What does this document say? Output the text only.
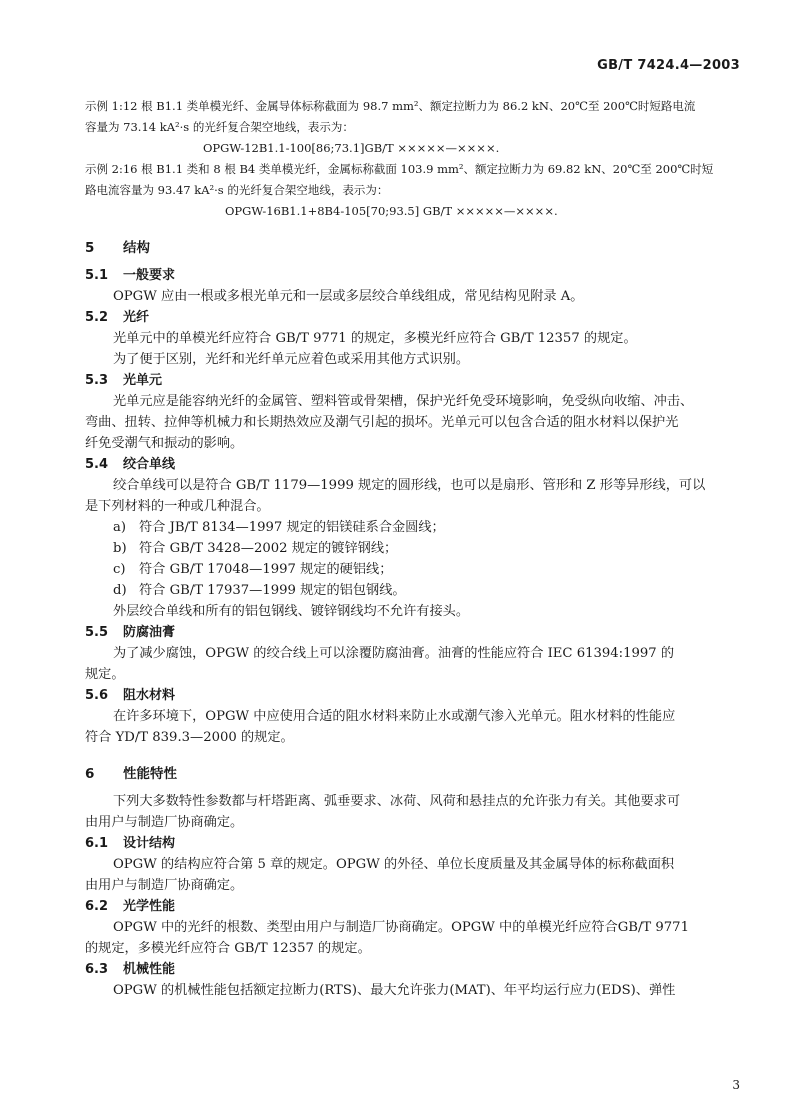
GB/T 7424.4—2003

示例 1:12 根 B1.1 类单模光纤、金属导体标称截面为 98.7 mm²、额定拉断力为 86.2 kN、20℃至 200℃时短路电流

容量为 73.14 kA²·s 的光纤复合架空地线，表示为：

OPGW-12B1.1-100[86;73.1]GB/T ×××××—××××.

示例 2:16 根 B1.1 类和 8 根 B4 类单模光纤，金属标称截面 103.9 mm²、额定拉断力为 69.82 kN、20℃至 200℃时短

路电流容量为 93.47 kA²·s 的光纤复合架空地线，表示为：

OPGW-16B1.1+8B4-105[70;93.5] GB/T ×××××—××××.

5 结构

5.1 一般要求

OPGW 应由一根或多根光单元和一层或多层绞合单线组成，常见结构见附录 A。

5.2 光纤

光单元中的单模光纤应符合 GB/T 9771 的规定，多模光纤应符合 GB/T 12357 的规定。

为了便于区别，光纤和光纤单元应着色或采用其他方式识别。

5.3 光单元

光单元应是能容纳光纤的金属管、塑料管或骨架槽，保护光纤免受环境影响，免受纵向收缩、冲击、

弯曲、扭转、拉伸等机械力和长期热效应及潮气引起的损坏。光单元可以包含合适的阻水材料以保护光

纤免受潮气和振动的影响。

5.4 绞合单线

绞合单线可以是符合 GB/T 1179—1999 规定的圆形线，也可以是扇形、管形和 Z 形等异形线，可以

是下列材料的一种或几种混合。

a) 符合 JB/T 8134—1997 规定的铝镁硅系合金圆线；

b) 符合 GB/T 3428—2002 规定的镀锌钢线；

c) 符合 GB/T 17048—1997 规定的硬铝线；

d) 符合 GB/T 17937—1999 规定的铝包钢线。

外层绞合单线和所有的铝包钢线、镀锌钢线均不允许有接头。

5.5 防腐油膏

为了减少腐蚀，OPGW 的绞合线上可以涂覆防腐油膏。油膏的性能应符合 IEC 61394:1997 的

规定。

5.6 阻水材料

在许多环境下，OPGW 中应使用合适的阻水材料来防止水或潮气渗入光单元。阻水材料的性能应

符合 YD/T 839.3—2000 的规定。

6 性能特性

下列大多数特性参数都与杆塔距离、弧垂要求、冰荷、风荷和悬挂点的允许张力有关。其他要求可

由用户与制造厂协商确定。

6.1 设计结构

OPGW 的结构应符合第 5 章的规定。OPGW 的外径、单位长度质量及其金属导体的标称截面积

由用户与制造厂协商确定。

6.2 光学性能

OPGW 中的光纤的根数、类型由用户与制造厂协商确定。OPGW 中的单模光纤应符合GB/T 9771

的规定，多模光纤应符合 GB/T 12357 的规定。

6.3 机械性能

OPGW 的机械性能包括额定拉断力(RTS)、最大允许张力(MAT)、年平均运行应力(EDS)、弹性

3
